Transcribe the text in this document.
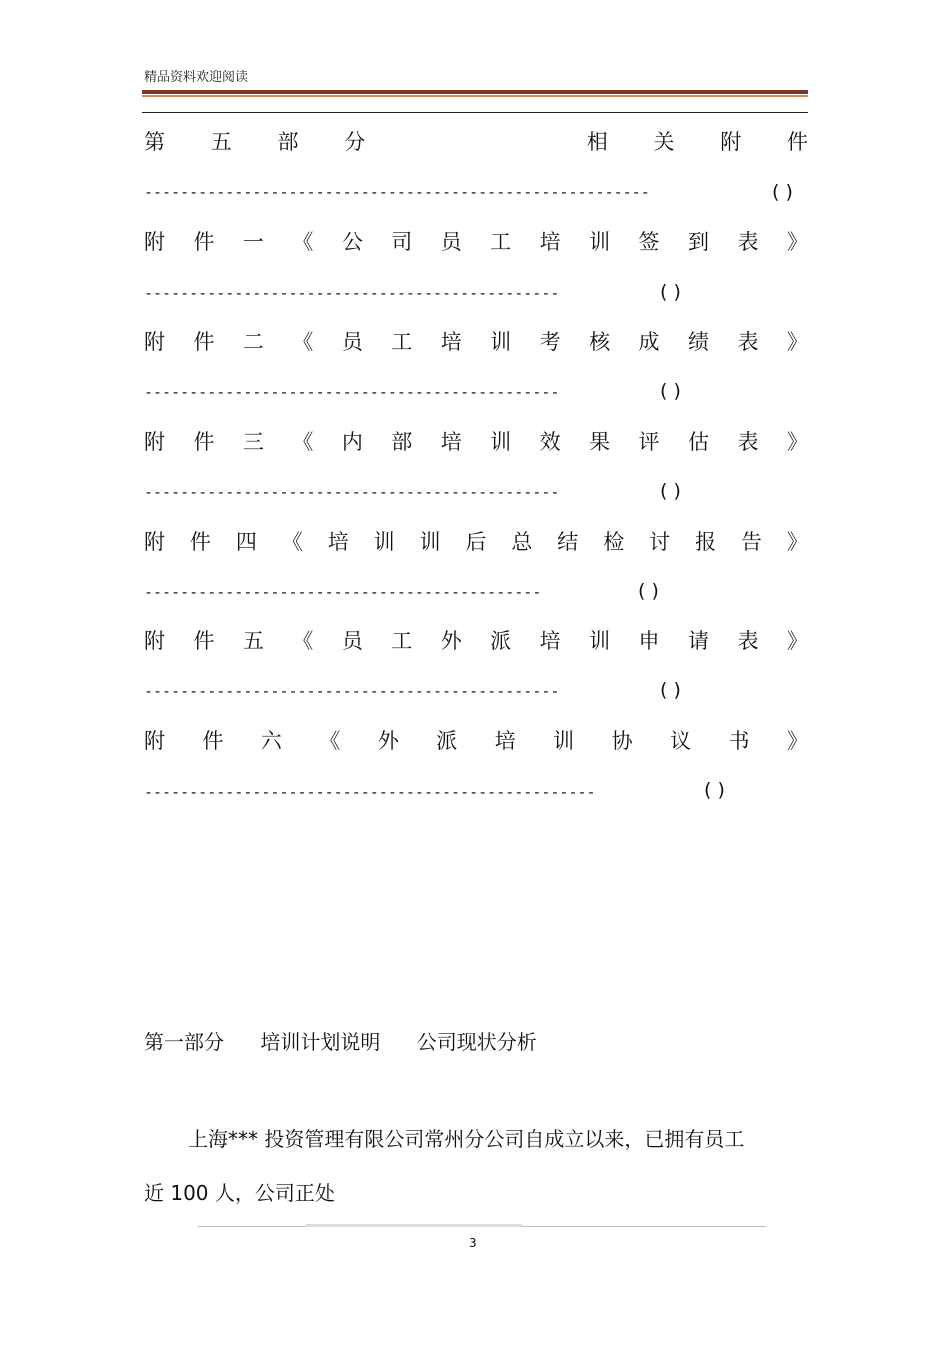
精品资料欢迎阅读
第 五 部 分	相 关 附 件
--------------------------------------------------------	( )
附 件 一 《 公 司 员 工 培 训 签 到 表 》
----------------------------------------------	( )
附 件 二 《 员 工 培 训 考 核 成 绩 表 》
----------------------------------------------	( )
附 件 三 《 内 部 培 训 效 果 评 估 表 》
----------------------------------------------	( )
附 件 四 《 培 训 训 后 总 结 检 讨 报 告 》
--------------------------------------------	( )
附 件 五 《 员 工 外 派 培 训 申 请 表 》
----------------------------------------------	( )
附 件 六 《 外 派 培 训 协 议 书 》
--------------------------------------------------	( )
第一部分 培训计划说明 公司现状分析
上海*** 投资管理有限公司常州分公司自成立以来，已拥有员工
近 100 人，公司正处
3
